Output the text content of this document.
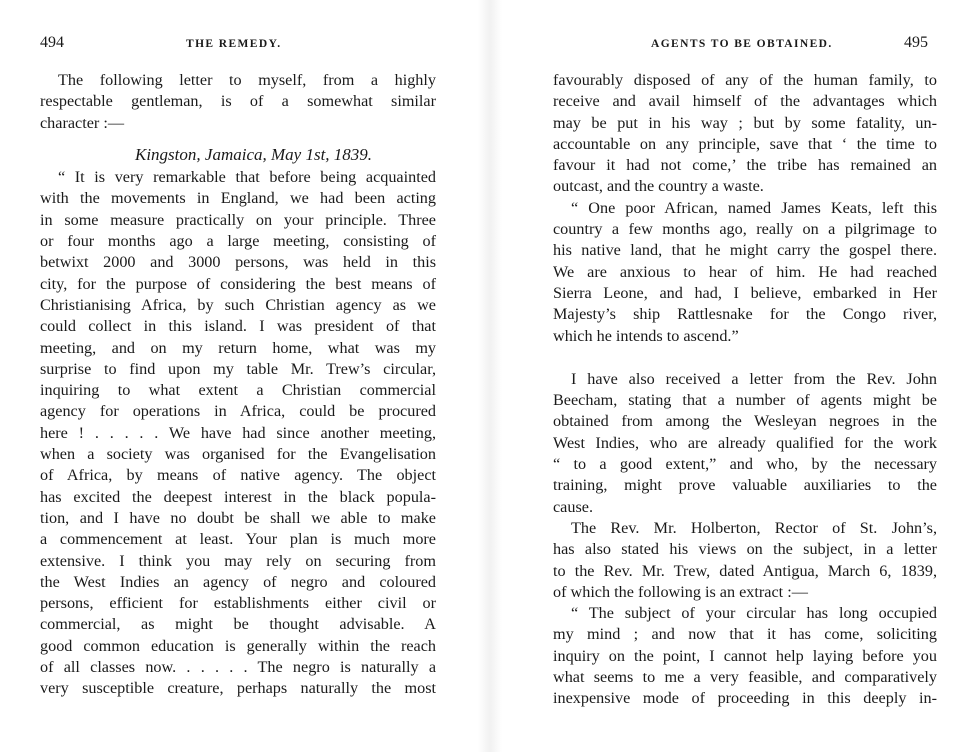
494	THE REMEDY.
The following letter to myself, from a highly
respectable gentleman, is of a somewhat similar
character :—
Kingston, Jamaica, May 1st, 1839.
“ It is very remarkable that before being acquainted
with the movements in England, we had been acting
in some measure practically on your principle. Three
or four months ago a large meeting, consisting of
betwixt 2000 and 3000 persons, was held in this
city, for the purpose of considering the best means of
Christianising Africa, by such Christian agency as we
could collect in this island. I was president of that
meeting, and on my return home, what was my
surprise to find upon my table Mr. Trew’s circular,
inquiring to what extent a Christian commercial
agency for operations in Africa, could be procured
here ! . . . . . We have had since another meeting,
when a society was organised for the Evangelisation
of Africa, by means of native agency. The object
has excited the deepest interest in the black popula-
tion, and I have no doubt be shall we able to make
a commencement at least. Your plan is much more
extensive. I think you may rely on securing from
the West Indies an agency of negro and coloured
persons, efficient for establishments either civil or
commercial, as might be thought advisable. A
good common education is generally within the reach
of all classes now. . . . . . The negro is naturally a
very susceptible creature, perhaps naturally the most
AGENTS TO BE OBTAINED.	495
favourably disposed of any of the human family, to
receive and avail himself of the advantages which
may be put in his way ; but by some fatality, un-
accountable on any principle, save that ‘ the time to
favour it had not come,’ the tribe has remained an
outcast, and the country a waste.
“ One poor African, named James Keats, left this
country a few months ago, really on a pilgrimage to
his native land, that he might carry the gospel there.
We are anxious to hear of him. He had reached
Sierra Leone, and had, I believe, embarked in Her
Majesty’s ship Rattlesnake for the Congo river,
which he intends to ascend.”
I have also received a letter from the Rev. John
Beecham, stating that a number of agents might be
obtained from among the Wesleyan negroes in the
West Indies, who are already qualified for the work
“ to a good extent,” and who, by the necessary
training, might prove valuable auxiliaries to the
cause.
The Rev. Mr. Holberton, Rector of St. John’s,
has also stated his views on the subject, in a letter
to the Rev. Mr. Trew, dated Antigua, March 6, 1839,
of which the following is an extract :—
“ The subject of your circular has long occupied
my mind ; and now that it has come, soliciting
inquiry on the point, I cannot help laying before you
what seems to me a very feasible, and comparatively
inexpensive mode of proceeding in this deeply in-
